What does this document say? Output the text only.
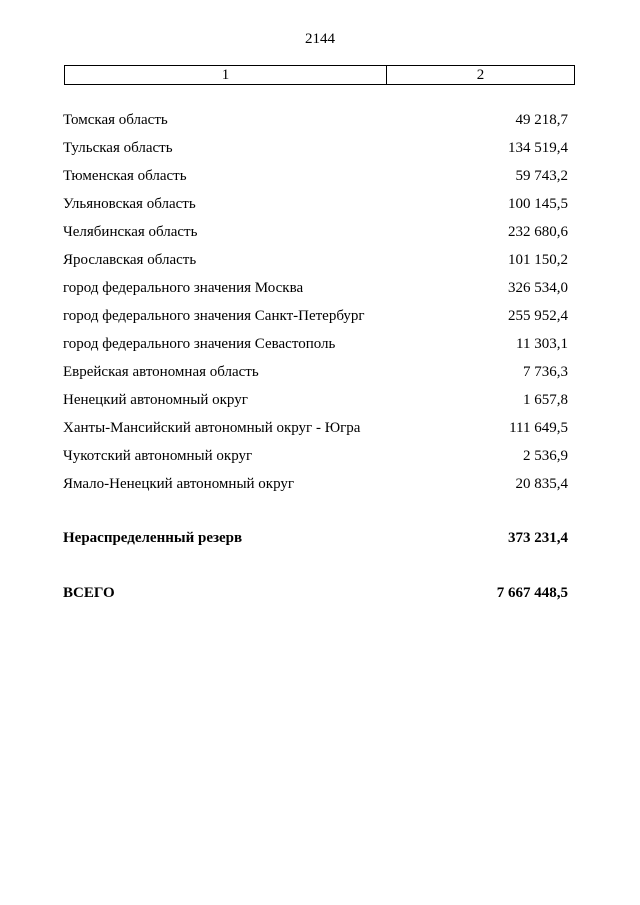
2144
1	2
Томская область	49 218,7
Тульская область	134 519,4
Тюменская область	59 743,2
Ульяновская область	100 145,5
Челябинская область	232 680,6
Ярославская область	101 150,2
город федерального значения Москва	326 534,0
город федерального значения Санкт-Петербург	255 952,4
город федерального значения Севастополь	11 303,1
Еврейская автономная область	7 736,3
Ненецкий автономный округ	1 657,8
Ханты-Мансийский автономный округ - Югра	111 649,5
Чукотский автономный округ	2 536,9
Ямало-Ненецкий автономный округ	20 835,4
Нераспределенный резерв	373 231,4
ВСЕГО	7 667 448,5
